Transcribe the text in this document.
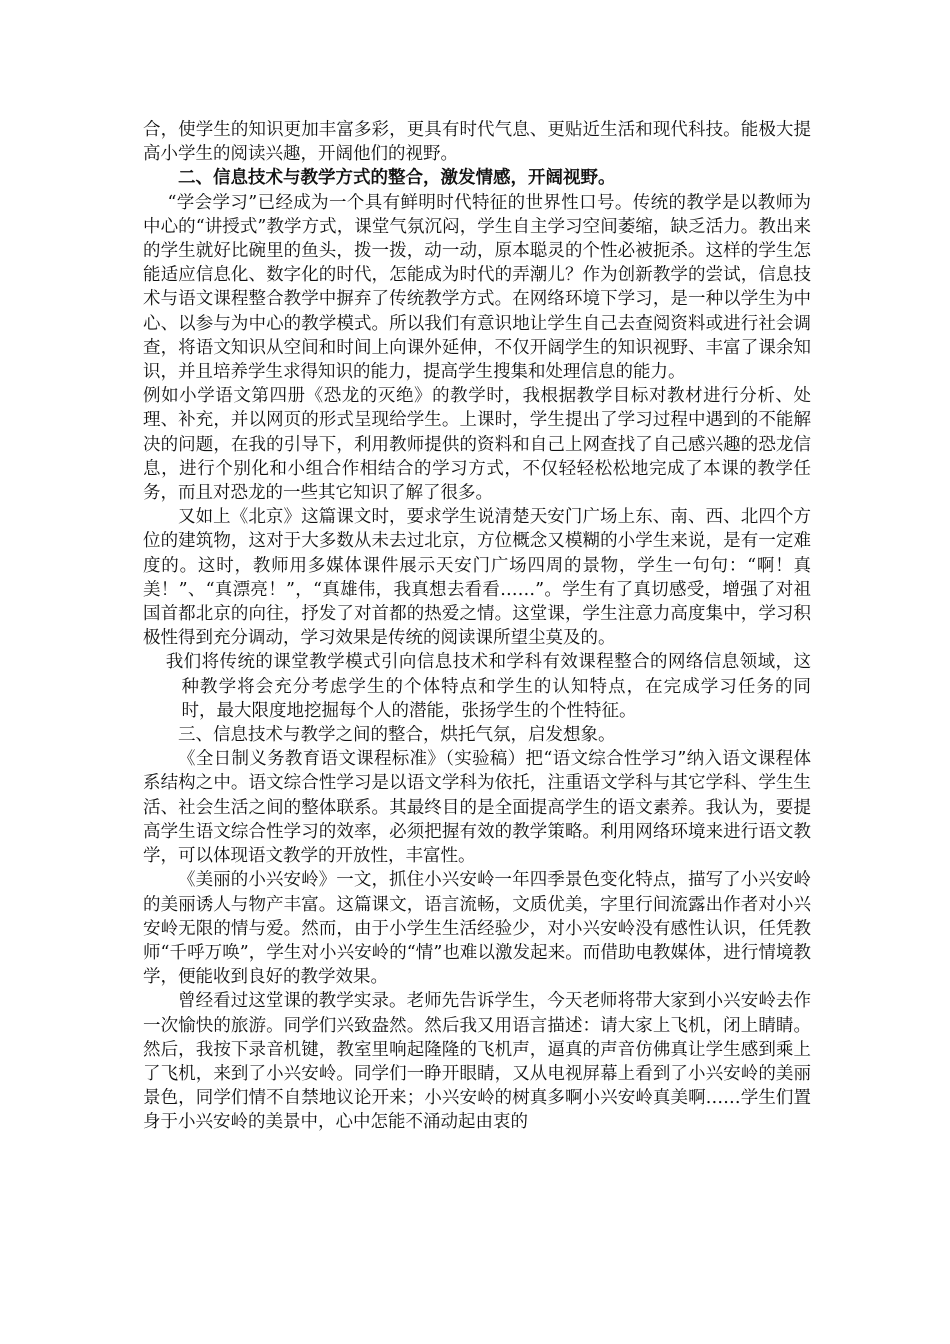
合，使学生的知识更加丰富多彩，更具有时代气息、更贴近生活和现代科技。能极大提高小学生的阅读兴趣，开阔他们的视野。

二、信息技术与教学方式的整合，激发情感，开阔视野。

“学会学习”已经成为一个具有鲜明时代特征的世界性口号。传统的教学是以教师为中心的“讲授式”教学方式，课堂气氛沉闷，学生自主学习空间萎缩，缺乏活力。教出来的学生就好比碗里的鱼头，拨一拨，动一动，原本聪灵的个性必被扼杀。这样的学生怎能适应信息化、数字化的时代，怎能成为时代的弄潮儿？作为创新教学的尝试，信息技术与语文课程整合教学中摒弃了传统教学方式。在网络环境下学习，是一种以学生为中心、以参与为中心的教学模式。所以我们有意识地让学生自己去查阅资料或进行社会调查，将语文知识从空间和时间上向课外延伸，不仅开阔学生的知识视野、丰富了课余知识，并且培养学生求得知识的能力，提高学生搜集和处理信息的能力。

例如小学语文第四册《恐龙的灭绝》的教学时，我根据教学目标对教材进行分析、处理、补充，并以网页的形式呈现给学生。上课时，学生提出了学习过程中遇到的不能解决的问题，在我的引导下，利用教师提供的资料和自己上网查找了自己感兴趣的恐龙信息，进行个别化和小组合作相结合的学习方式，不仅轻轻松松地完成了本课的教学任务，而且对恐龙的一些其它知识了解了很多。

又如上《北京》这篇课文时，要求学生说清楚天安门广场上东、南、西、北四个方位的建筑物，这对于大多数从未去过北京，方位概念又模糊的小学生来说，是有一定难度的。这时，教师用多媒体课件展示天安门广场四周的景物，学生一句句：“啊！真美！”、“真漂亮！”，“真雄伟，我真想去看看……”。学生有了真切感受，增强了对祖国首都北京的向往，抒发了对首都的热爱之情。这堂课，学生注意力高度集中，学习积极性得到充分调动，学习效果是传统的阅读课所望尘莫及的。

我们将传统的课堂教学模式引向信息技术和学科有效课程整合的网络信息领域，这种教学将会充分考虑学生的个体特点和学生的认知特点，在完成学习任务的同时，最大限度地挖掘每个人的潜能，张扬学生的个性特征。

三、信息技术与教学之间的整合，烘托气氛，启发想象。

《全日制义务教育语文课程标准》（实验稿）把“语文综合性学习”纳入语文课程体系结构之中。语文综合性学习是以语文学科为依托，注重语文学科与其它学科、学生生活、社会生活之间的整体联系。其最终目的是全面提高学生的语文素养。我认为，要提高学生语文综合性学习的效率，必须把握有效的教学策略。利用网络环境来进行语文教学，可以体现语文教学的开放性，丰富性。

《美丽的小兴安岭》一文，抓住小兴安岭一年四季景色变化特点，描写了小兴安岭的美丽诱人与物产丰富。这篇课文，语言流畅，文质优美，字里行间流露出作者对小兴安岭无限的情与爱。然而，由于小学生生活经验少，对小兴安岭没有感性认识，任凭教师“千呼万唤”，学生对小兴安岭的“情”也难以激发起来。而借助电教媒体，进行情境教学，便能收到良好的教学效果。

曾经看过这堂课的教学实录。老师先告诉学生，今天老师将带大家到小兴安岭去作一次愉快的旅游。同学们兴致盎然。然后我又用语言描述：请大家上飞机，闭上睛睛。然后，我按下录音机键，教室里响起隆隆的飞机声，逼真的声音仿佛真让学生感到乘上了飞机，来到了小兴安岭。同学们一睁开眼睛，又从电视屏幕上看到了小兴安岭的美丽景色，同学们情不自禁地议论开来；小兴安岭的树真多啊小兴安岭真美啊……学生们置身于小兴安岭的美景中，心中怎能不涌动起由衷的
